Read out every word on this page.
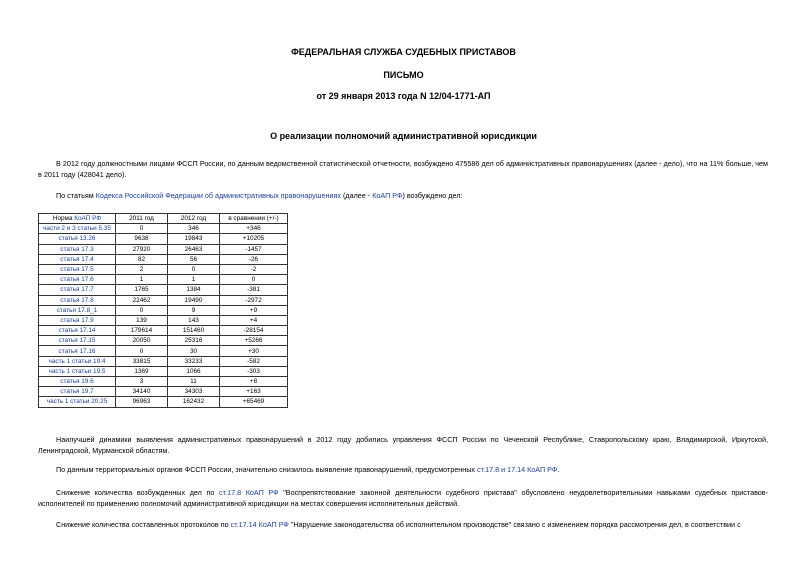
ФЕДЕРАЛЬНАЯ СЛУЖБА СУДЕБНЫХ ПРИСТАВОВ
ПИСЬМО
от 29 января 2013 года N 12/04-1771-АП
О реализации полномочий административной юрисдикции
В 2012 году должностными лицами ФССП России, по данным ведомственной статистической отчетности, возбуждено 475586 дел об административных правонарушениях (далее - дело), что на 11% больше, чем в 2011 году (428041 дело).
По статьям Кодекса Российской Федерации об административных правонарушениях (далее - КоАП РФ) возбуждено дел:
Норма КоАП РФ	2011 год	2012 год	в сравнении (+/-)
части 2 и 3 статьи 5.35	0	346	+346
статья 13.26	9638	19843	+10205
статья 17.3	27920	26463	-1457
статья 17.4	82	56	-26
статья 17.5	2	0	-2
статья 17.6	1	1	0
статья 17.7	1765	1384	-381
статья 17.8	22462	19490	-2972
статья 17.8_1	0	9	+9
статья 17.9	139	143	+4
статья 17.14	179614	151460	-28154
статья 17.15	20050	25316	+5266
статья 17.16	0	30	+30
часть 1 статьи 19.4	33815	33233	-582
часть 1 статьи 19.5	1369	1066	-303
статья 19.6	3	11	+8
статья 19.7	34140	34303	+163
часть 1 статьи 20.25	96963	162432	+65469
Наилучшей динамики выявления административных правонарушений в 2012 году добились управления ФССП России по Чеченской Республике, Ставропольскому краю, Владимирской, Иркутской, Ленинградской, Мурманской областям.
По данным территориальных органов ФССП России, значительно снизилось выявление правонарушений, предусмотренных ст.17.8 и 17.14 КоАП РФ.
Снижение количества возбужденных дел по ст.17.8 КоАП РФ "Воспрепятствование законной деятельности судебного пристава" обусловлено неудовлетворительными навыками судебных приставов-исполнителей по применению полномочий административной юрисдикции на местах совершения исполнительных действий.
Снижение количества составленных протоколов по ст.17.14 КоАП РФ "Нарушение законодательства об исполнительном производстве" связано с изменением порядка рассмотрения дел, в соответствии с
